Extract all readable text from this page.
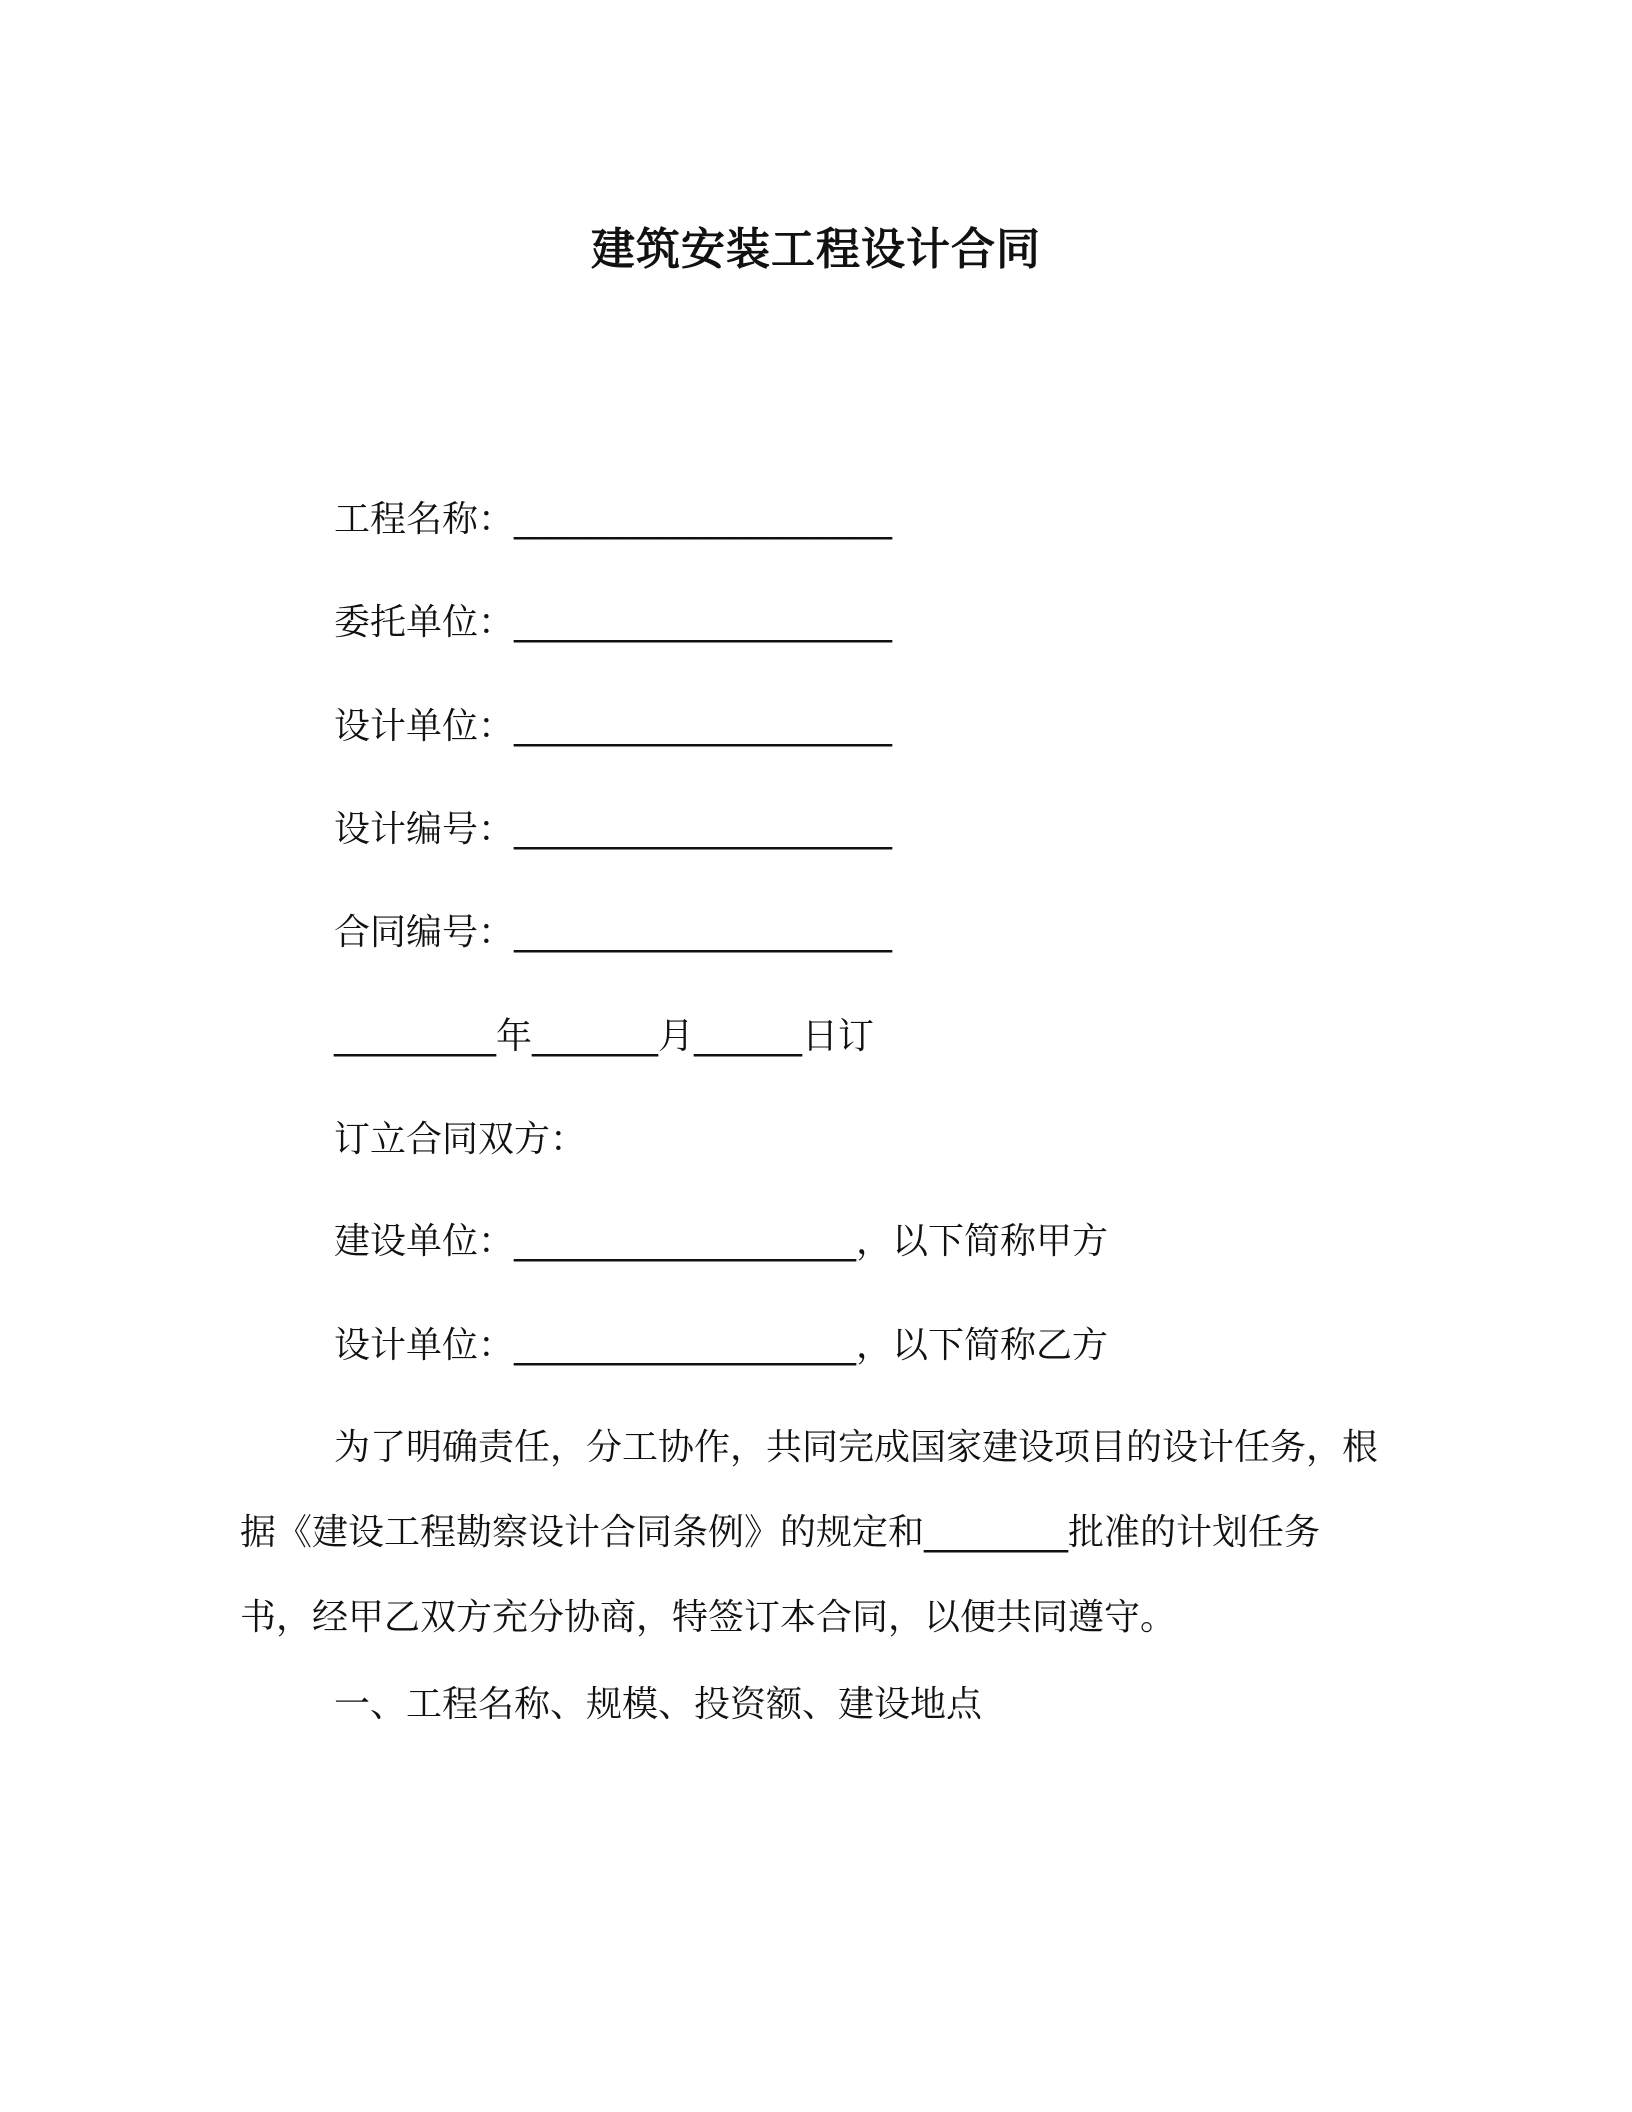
建筑安装工程设计合同
工程名称：_____________________
委托单位：_____________________
设计单位：_____________________
设计编号：_____________________
合同编号：_____________________
_________年_______月______日订
订立合同双方：
建设单位：___________________，以下简称甲方
设计单位：___________________，以下简称乙方
为了明确责任，分工协作，共同完成国家建设项目的设计任务，根据《建设工程勘察设计合同条例》的规定和________批准的计划任务书，经甲乙双方充分协商，特签订本合同，以便共同遵守。
一、工程名称、规模、投资额、建设地点
